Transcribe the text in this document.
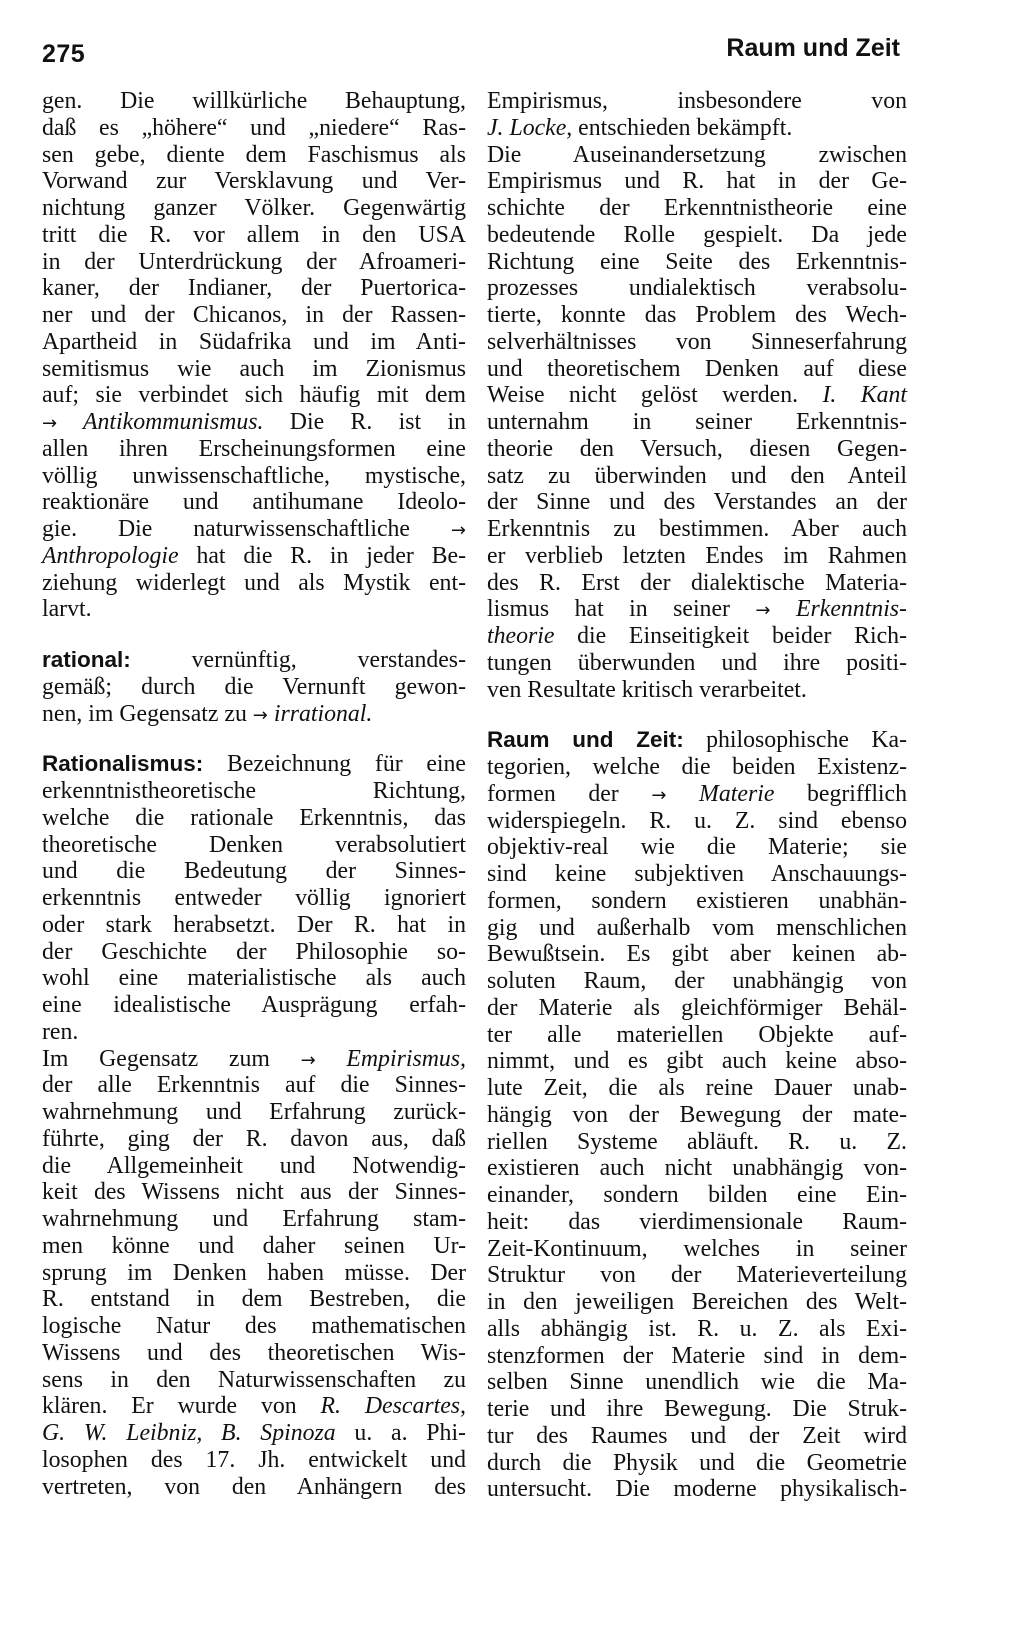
275	Raum und Zeit
gen. Die willkürliche Behauptung,
daß es „höhere“ und „niedere“ Ras-
sen gebe, diente dem Faschismus als
Vorwand zur Versklavung und Ver-
nichtung ganzer Völker. Gegenwärtig
tritt die R. vor allem in den USA
in der Unterdrückung der Afroameri-
kaner, der Indianer, der Puertorica-
ner und der Chicanos, in der Rassen-
Apartheid in Südafrika und im Anti-
semitismus wie auch im Zionismus
auf; sie verbindet sich häufig mit dem
→ Antikommunismus. Die R. ist in
allen ihren Erscheinungsformen eine
völlig unwissenschaftliche, mystische,
reaktionäre und antihumane Ideolo-
gie. Die naturwissenschaftliche →
Anthropologie hat die R. in jeder Be-
ziehung widerlegt und als Mystik ent-
larvt.
rational: vernünftig, verstandes-
gemäß; durch die Vernunft gewon-
nen, im Gegensatz zu → irrational.
Rationalismus: Bezeichnung für eine
erkenntnistheoretische Richtung,
welche die rationale Erkenntnis, das
theoretische Denken verabsolutiert
und die Bedeutung der Sinnes-
erkenntnis entweder völlig ignoriert
oder stark herabsetzt. Der R. hat in
der Geschichte der Philosophie so-
wohl eine materialistische als auch
eine idealistische Ausprägung erfah-
ren.
Im Gegensatz zum → Empirismus,
der alle Erkenntnis auf die Sinnes-
wahrnehmung und Erfahrung zurück-
führte, ging der R. davon aus, daß
die Allgemeinheit und Notwendig-
keit des Wissens nicht aus der Sinnes-
wahrnehmung und Erfahrung stam-
men könne und daher seinen Ur-
sprung im Denken haben müsse. Der
R. entstand in dem Bestreben, die
logische Natur des mathematischen
Wissens und des theoretischen Wis-
sens in den Naturwissenschaften zu
klären. Er wurde von R. Descartes,
G. W. Leibniz, B. Spinoza u. a. Phi-
losophen des 17. Jh. entwickelt und
vertreten, von den Anhängern des
Empirismus, insbesondere von
J. Locke, entschieden bekämpft.
Die Auseinandersetzung zwischen
Empirismus und R. hat in der Ge-
schichte der Erkenntnistheorie eine
bedeutende Rolle gespielt. Da jede
Richtung eine Seite des Erkenntnis-
prozesses undialektisch verabsolu-
tierte, konnte das Problem des Wech-
selverhältnisses von Sinneserfahrung
und theoretischem Denken auf diese
Weise nicht gelöst werden. I. Kant
unternahm in seiner Erkenntnis-
theorie den Versuch, diesen Gegen-
satz zu überwinden und den Anteil
der Sinne und des Verstandes an der
Erkenntnis zu bestimmen. Aber auch
er verblieb letzten Endes im Rahmen
des R. Erst der dialektische Materia-
lismus hat in seiner → Erkenntnis-
theorie die Einseitigkeit beider Rich-
tungen überwunden und ihre positi-
ven Resultate kritisch verarbeitet.
Raum und Zeit: philosophische Ka-
tegorien, welche die beiden Existenz-
formen der → Materie begrifflich
widerspiegeln. R. u. Z. sind ebenso
objektiv-real wie die Materie; sie
sind keine subjektiven Anschauungs-
formen, sondern existieren unabhän-
gig und außerhalb vom menschlichen
Bewußtsein. Es gibt aber keinen ab-
soluten Raum, der unabhängig von
der Materie als gleichförmiger Behäl-
ter alle materiellen Objekte auf-
nimmt, und es gibt auch keine abso-
lute Zeit, die als reine Dauer unab-
hängig von der Bewegung der mate-
riellen Systeme abläuft. R. u. Z.
existieren auch nicht unabhängig von-
einander, sondern bilden eine Ein-
heit: das vierdimensionale Raum-
Zeit-Kontinuum, welches in seiner
Struktur von der Materieverteilung
in den jeweiligen Bereichen des Welt-
alls abhängig ist. R. u. Z. als Exi-
stenzformen der Materie sind in dem-
selben Sinne unendlich wie die Ma-
terie und ihre Bewegung. Die Struk-
tur des Raumes und der Zeit wird
durch die Physik und die Geometrie
untersucht. Die moderne physikalisch-
